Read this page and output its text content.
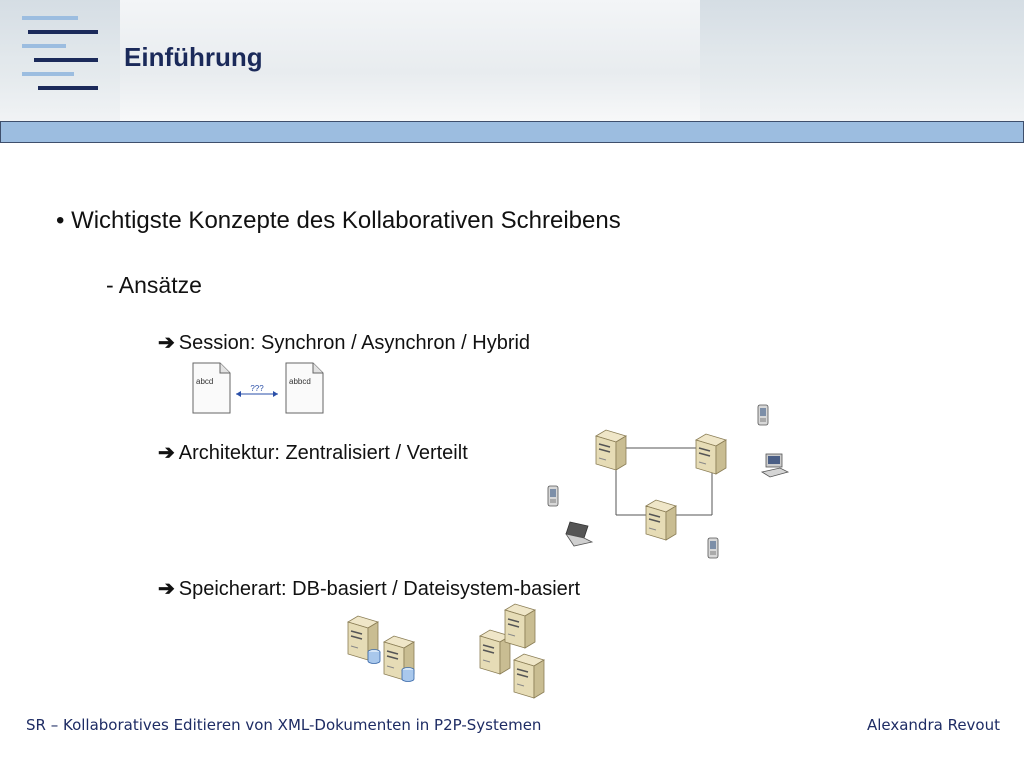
Einführung
• Wichtigste Konzepte des Kollaborativen Schreibens
- Ansätze
➔ Session: Synchron / Asynchron / Hybrid
➔ Architektur: Zentralisiert / Verteilt
➔ Speicherart: DB-basiert / Dateisystem-basiert
abcd
???
abbcd
SR – Kollaboratives Editieren von XML-Dokumenten in P2P-Systemen	Alexandra Revout
